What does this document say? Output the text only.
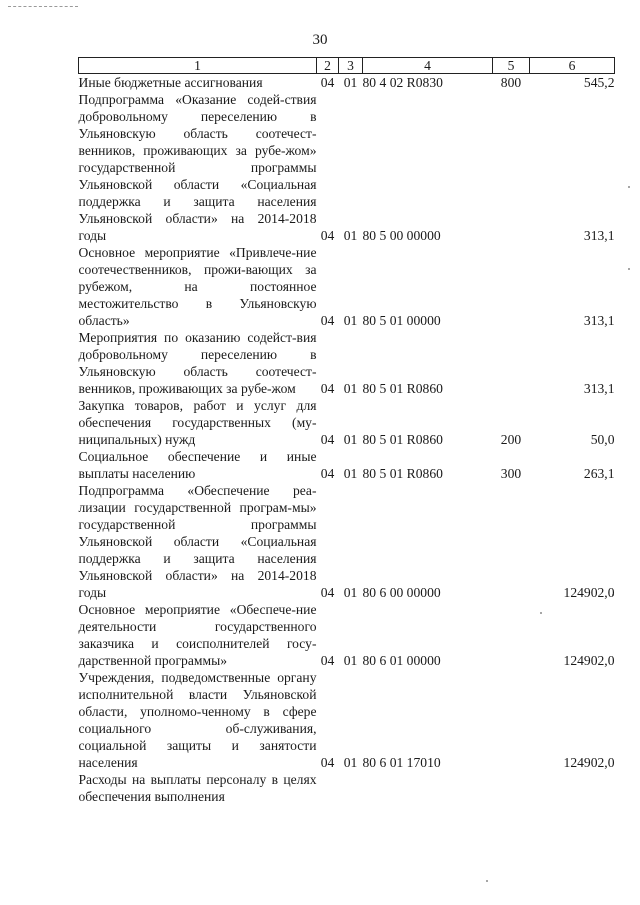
30
1	2	3	4	5	6
Иные бюджетные ассигнования	04	01	80 4 02 R0830	800	545,2
Подпрограмма «Оказание содей-ствия добровольному переселению в Ульяновскую область соотечест-венников, проживающих за рубе-жом» государственной программы Ульяновской области «Социальная поддержка и защита населения Ульяновской области» на 2014-2018 годы	04	01	80 5 00 00000		313,1
Основное мероприятие «Привлече-ние соотечественников, прожи-вающих за рубежом, на постоянное местожительство в Ульяновскую область»	04	01	80 5 01 00000		313,1
Мероприятия по оказанию содейст-вия добровольному переселению в Ульяновскую область соотечест-венников, проживающих за рубе-жом	04	01	80 5 01 R0860		313,1
Закупка товаров, работ и услуг для обеспечения государственных (му-ниципальных) нужд	04	01	80 5 01 R0860	200	50,0
Социальное обеспечение и иные выплаты населению	04	01	80 5 01 R0860	300	263,1
Подпрограмма «Обеспечение реа-лизации государственной програм-мы» государственной программы Ульяновской области «Социальная поддержка и защита населения Ульяновской области» на 2014-2018 годы	04	01	80 6 00 00000		124902,0
Основное мероприятие «Обеспече-ние деятельности государственного заказчика и соисполнителей госу-дарственной программы»	04	01	80 6 01 00000		124902,0
Учреждения, подведомственные органу исполнительной власти Ульяновской области, уполномо-ченному в сфере социального об-служивания, социальной защиты и занятости населения	04	01	80 6 01 17010		124902,0
Расходы на выплаты персоналу в целях обеспечения выполнения					
